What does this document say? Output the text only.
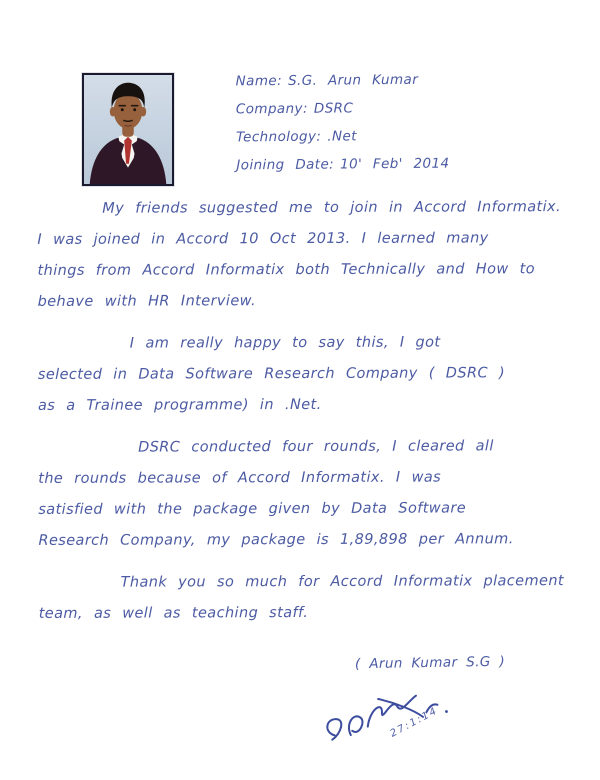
Name: S.G. Arun Kumar
Company: DSRC
Technology: .Net
Joining Date: 10' Feb' 2014
My friends suggested me to join in Accord Informatix.
I was joined in Accord 10 Oct 2013. I learned many
things from Accord Informatix both Technically and How to
behave with HR Interview.
I am really happy to say this, I got
selected in Data Software Research Company ( DSRC )
as a Trainee programme) in .Net.
DSRC conducted four rounds, I cleared all
the rounds because of Accord Informatix. I was
satisfied with the package given by Data Software
Research Company, my package is 1,89,898 per Annum.
Thank you so much for Accord Informatix placement
team, as well as teaching staff.
( Arun Kumar S.G )
27:1:14
